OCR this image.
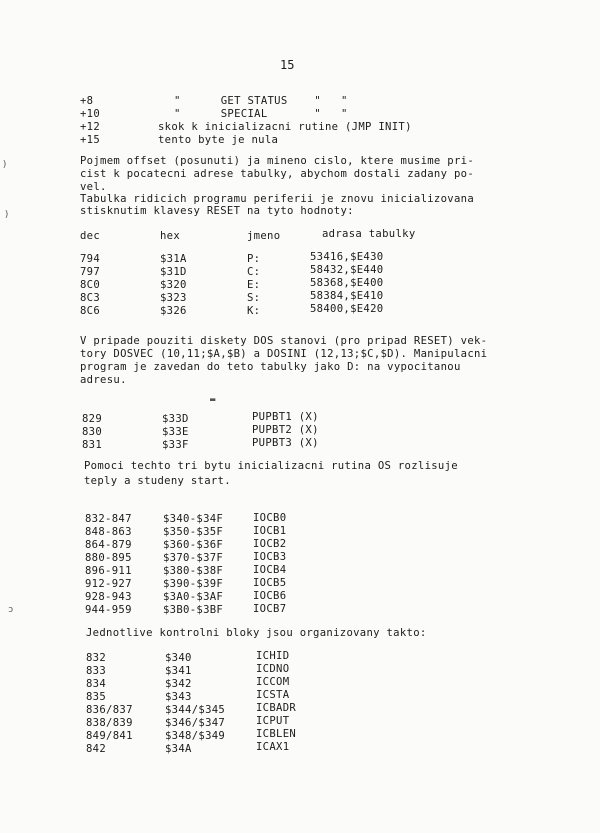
15
+8	"      GET STATUS    "   "
+10	"      SPECIAL       "   "
+12	skok k inicializacni rutine (JMP INIT)
+15	tento byte je nula
Pojmem offset (posunuti) ja mineno cislo, ktere musime pri-
cist k pocatecni adrese tabulky, abychom dostali zadany po-
vel.
Tabulka ridicich programu periferii je znovu inicializovana
stisknutim klavesy RESET na tyto hodnoty:
dec	hex	jmeno	adrasa tabulky
794	$31A	P:	53416,$E430
797	$31D	C:	58432,$E440
8C0	$320	E:	58368,$E400
8C3	$323	S:	58384,$E410
8C6	$326	K:	58400,$E420
V pripade pouziti diskety DOS stanovi (pro pripad RESET) vek-
tory DOSVEC (10,11;$A,$B) a DOSINI (12,13;$C,$D). Manipulacni
program je zavedan do teto tabulky jako D: na vypocitanou
adresu.
829	$33D	PUPBT1 (X)
830	$33E	PUPBT2 (X)
831	$33F	PUPBT3 (X)
Pomoci techto tri bytu inicializacni rutina OS rozlisuje
teply a studeny start.
832-847	$340-$34F	IOCB0
848-863	$350-$35F	IOCB1
864-879	$360-$36F	IOCB2
880-895	$370-$37F	IOCB3
896-911	$380-$38F	IOCB4
912-927	$390-$39F	IOCB5
928-943	$3A0-$3AF	IOCB6
944-959	$3B0-$3BF	IOCB7
Jednotlive kontrolni bloky jsou organizovany takto:
832	$340	ICHID
833	$341	ICDNO
834	$342	ICCOM
835	$343	ICSTA
836/837	$344/$345	ICBADR
838/839	$346/$347	ICPUT
849/841	$348/$349	ICBLEN
842	$34A	ICAX1
)
)
▬
ɔ
